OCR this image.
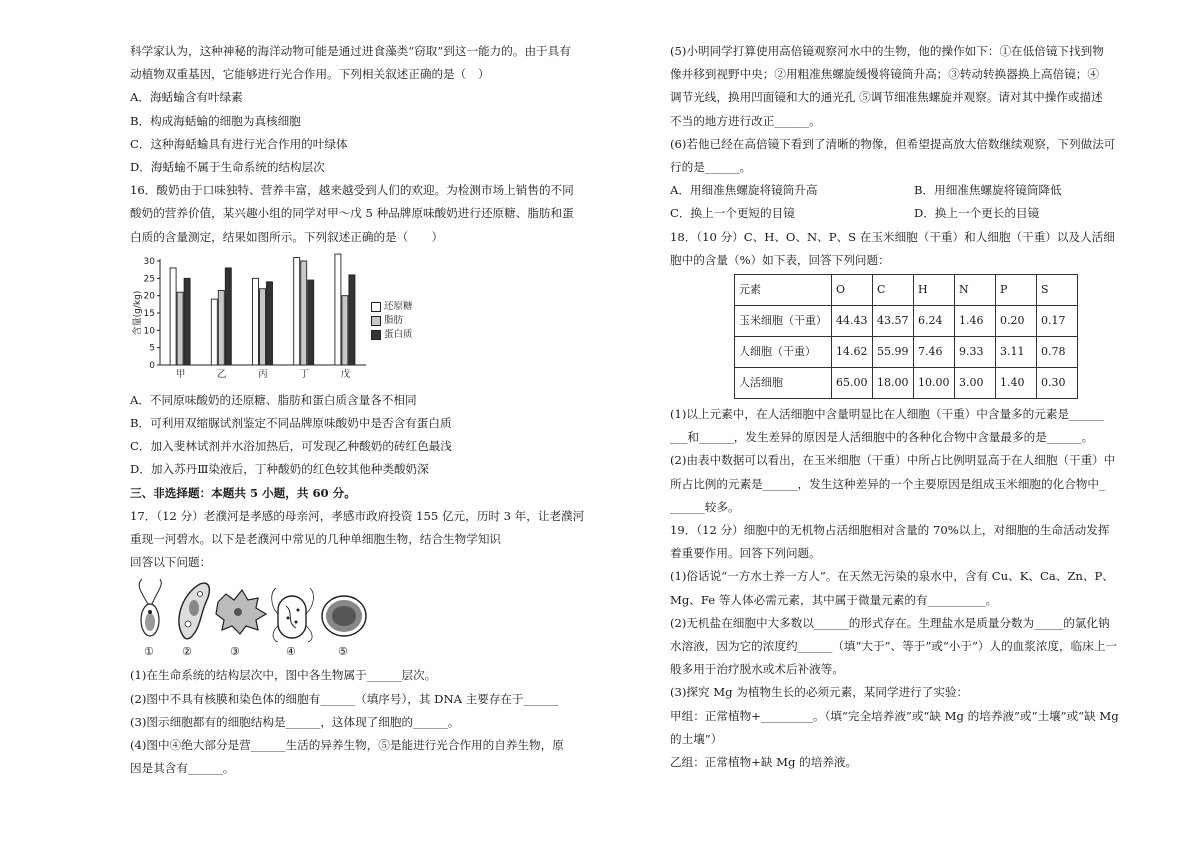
科学家认为，这种神秘的海洋动物可能是通过进食藻类“窃取”到这一能力的。由于具有
动植物双重基因，它能够进行光合作用。下列相关叙述正确的是（　）
A．海蛞蝓含有叶绿素
B．构成海蛞蝓的细胞为真核细胞
C．这种海蛞蝓具有进行光合作用的叶绿体
D．海蛞蝓不属于生命系统的结构层次
16．酸奶由于口味独特、营养丰富，越来越受到人们的欢迎。为检测市场上销售的不同
酸奶的营养价值，某兴趣小组的同学对甲～戊 5 种品牌原味酸奶进行还原糖、脂肪和蛋
白质的含量测定，结果如图所示。下列叙述正确的是（　　）
0
5
10
15
20
25
30
含量(g/kg)
甲	乙	丙	丁	戊
还原糖
脂肪
蛋白质
A．不同原味酸奶的还原糖、脂肪和蛋白质含量各不相同
B．可利用双缩脲试剂鉴定不同品牌原味酸奶中是否含有蛋白质
C．加入斐林试剂并水浴加热后，可发现乙种酸奶的砖红色最浅
D．加入苏丹Ⅲ染液后，丁种酸奶的红色较其他种类酸奶深
三、非选择题：本题共 5 小题，共 60 分。
17．（12 分）老濮河是孝感的母亲河，孝感市政府投资 155 亿元，历时 3 年，让老濮河
重现一河碧水。以下是老濮河中常见的几种单细胞生物，结合生物学知识
回答以下问题：
①	②	③	④	⑤
(1)在生命系统的结构层次中，图中各生物属于______层次。
(2)图中不具有核膜和染色体的细胞有______（填序号），其 DNA 主要存在于______
(3)图示细胞都有的细胞结构是______，这体现了细胞的______。
(4)图中④绝大部分是营______生活的异养生物，⑤是能进行光合作用的自养生物，原
因是其含有______。
(5)小明同学打算使用高倍镜观察河水中的生物，他的操作如下：①在低倍镜下找到物
像并移到视野中央；②用粗准焦螺旋缓慢将镜筒升高；③转动转换器换上高倍镜；④
调节光线，换用凹面镜和大的通光孔 ⑤调节细准焦螺旋并观察。请对其中操作或描述
不当的地方进行改正______。
(6)若他已经在高倍镜下看到了清晰的物像，但希望提高放大倍数继续观察，下列做法可
行的是______。
A．用细准焦螺旋将镜筒升高	B．用细准焦螺旋将镜筒降低
C．换上一个更短的目镜	D．换上一个更长的目镜
18．（10 分）C、H、O、N、P、S 在玉米细胞（干重）和人细胞（干重）以及人活细
胞中的含量（%）如下表，回答下列问题：
元素	O	C	H	N	P	S
玉米细胞（干重）	44.43	43.57	6.24	1.46	0.20	0.17
人细胞（干重）	14.62	55.99	7.46	9.33	3.11	0.78
人活细胞	65.00	18.00	10.00	3.00	1.40	0.30
(1)以上元素中，在人活细胞中含量明显比在人细胞（干重）中含量多的元素是______
___和______，发生差异的原因是人活细胞中的各种化合物中含量最多的是______。
(2)由表中数据可以看出，在玉米细胞（干重）中所占比例明显高于在人细胞（干重）中
所占比例的元素是______，发生这种差异的一个主要原因是组成玉米细胞的化合物中_
______较多。
19．（12 分）细胞中的无机物占活细胞相对含量的 70%以上，对细胞的生命活动发挥
着重要作用。回答下列问题。
(1)俗话说“一方水土养一方人”。在天然无污染的泉水中，含有 Cu、K、Ca、Zn、P、
Mg、Fe 等人体必需元素，其中属于微量元素的有__________。
(2)无机盐在细胞中大多数以______的形式存在。生理盐水是质量分数为_____的氯化钠
水溶液，因为它的浓度约______（填“大于”、等于”或“小于”）人的血浆浓度，临床上一
般多用于治疗脱水或术后补液等。
(3)探究 Mg 为植物生长的必须元素，某同学进行了实验：
甲组：正常植物+_________。（填“完全培养液”或“缺 Mg 的培养液”或“土壤”或“缺 Mg
的土壤”）
乙组：正常植物+缺 Mg 的培养液。
